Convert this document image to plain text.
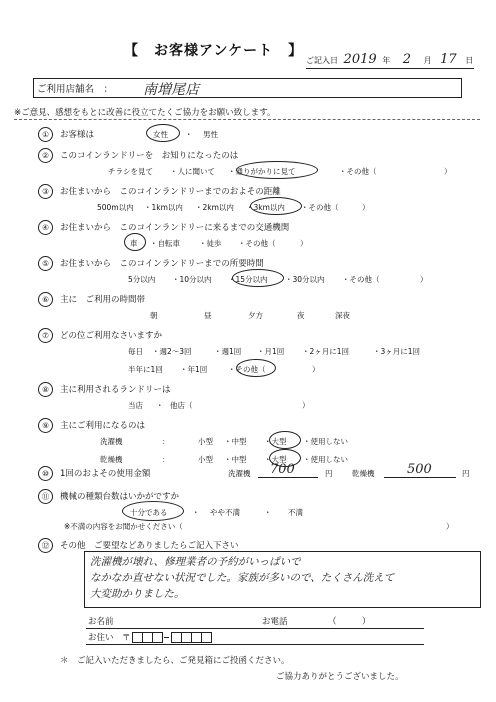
【　お客様アンケート　】
ご記入日 2019 年 2 月 17 日
ご利用店舗名　： 南増尾店
※ご意見、感想をもとに改善に役立てたくご協力をお願い致します。
①	お客様は	女性 ・ 男性
②	このコインランドリーを　お知りになったのは
チラシを見て ・人に聞いて ・通りがかりに見て	・その他（	）
③	お住まいから　このコインランドリーまでのおよその距離
500m以内 ・1km以内 ・2km以内 ・3km以内 ・その他（	）
④	お住まいから　このコインランドリーに来るまでの交通機関
車 ・自転車	・徒歩 ・その他（	）
⑤	お住まいから　このコインランドリーまでの所要時間
5分以内 ・10分以内 ・15分以内 ・30分以内 ・その他（	）
⑥	主に　ご利用の時間帯
朝	昼	夕方	夜	深夜
⑦	どの位ご利用なさいますか
毎日 ・週2〜3回	・週1回 ・月1回 ・2ヶ月に1回	・3ヶ月に1回
半年に1回 ・年1回	・その他（	）
⑧	主に利用されるランドリーは
当店 ・ 他店（	）
⑨	主にご利用になるのは
洗濯機	：	小型 ・中型 ・大型 ・使用しない
乾燥機	：	小型 ・中型 ・大型 ・使用しない
⑩	1回のおよその使用金額	洗濯機 700	円	乾燥機	500	円
⑪	機械の種類台数はいかがですか
十分である	・ やや不満	・ 不満
※不満の内容をお聞かせください（	）
⑫	その他　ご要望などありましたらご記入下さい
洗濯機が壊れ、修理業者の予約がいっぱいで
なかなか直せない状況でした。家族が多いので、たくさん洗えて
大変助かりました。
お名前	お電話	（　　　）
お住い 〒
＊　ご記入いただきましたら、ご発見箱にご投函ください。
ご協力ありがとうございました。
